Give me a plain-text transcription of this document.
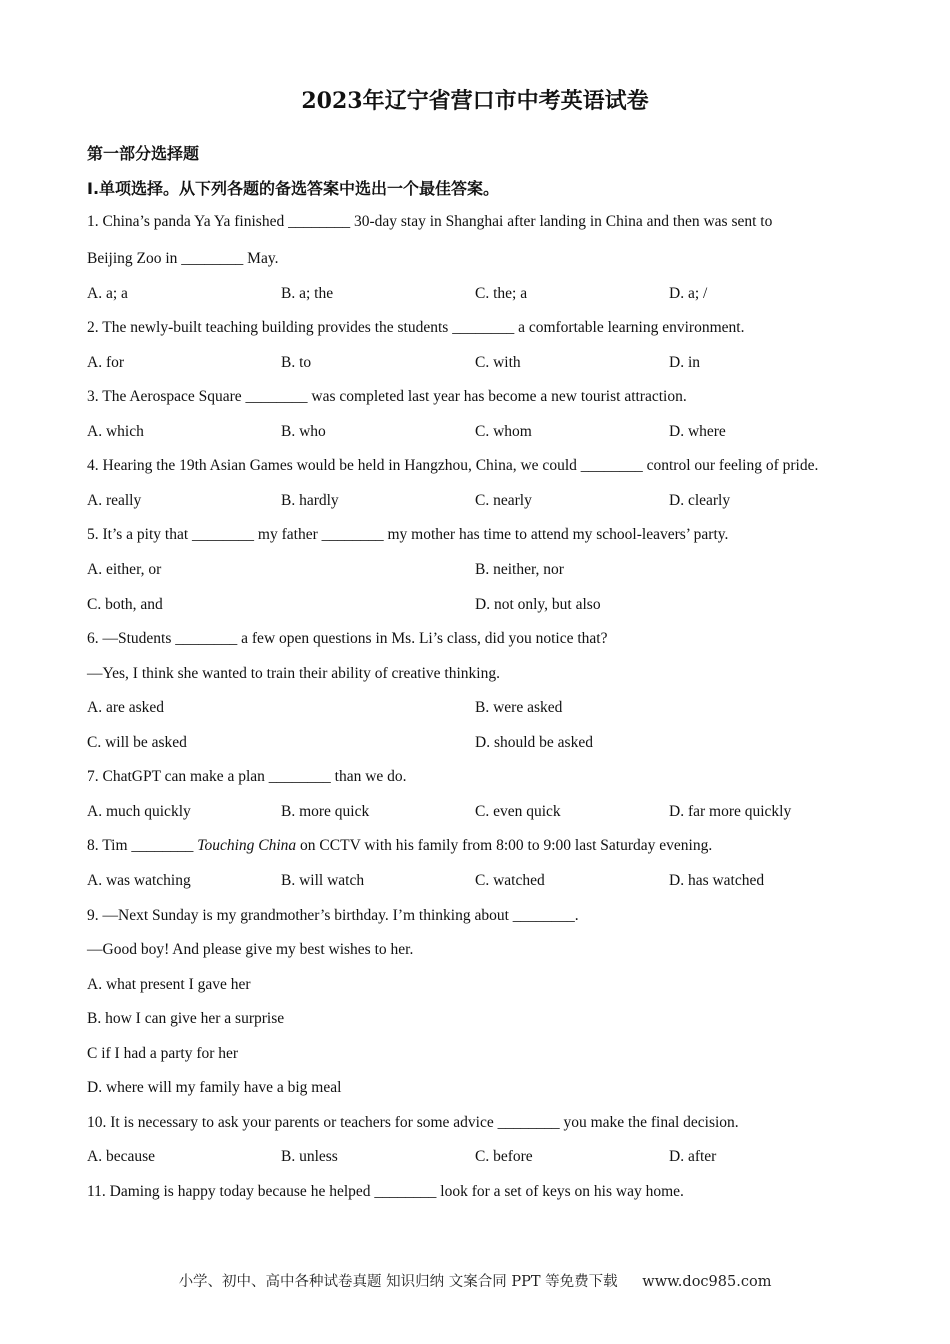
2023年辽宁省营口市中考英语试卷
第一部分选择题
Ⅰ.单项选择。从下列各题的备选答案中选出一个最佳答案。
1. China’s panda Ya Ya finished ________ 30-day stay in Shanghai after landing in China and then was sent to
Beijing Zoo in ________ May.
A. a; a	B. a; the	C. the; a	D. a; /
2. The newly-built teaching building provides the students ________ a comfortable learning environment.
A. for	B. to	C. with	D. in
3. The Aerospace Square ________ was completed last year has become a new tourist attraction.
A. which	B. who	C. whom	D. where
4. Hearing the 19th Asian Games would be held in Hangzhou, China, we could ________ control our feeling of pride.
A. really	B. hardly	C. nearly	D. clearly
5. It’s a pity that ________ my father ________ my mother has time to attend my school-leavers’ party.
A. either, or	B. neither, nor
C. both, and	D. not only, but also
6. —Students ________ a few open questions in Ms. Li’s class, did you notice that?
—Yes, I think she wanted to train their ability of creative thinking.
A. are asked	B. were asked
C. will be asked	D. should be asked
7. ChatGPT can make a plan ________ than we do.
A. much quickly	B. more quick	C. even quick	D. far more quickly
8. Tim ________ Touching China on CCTV with his family from 8:00 to 9:00 last Saturday evening.
A. was watching	B. will watch	C. watched	D. has watched
9. —Next Sunday is my grandmother’s birthday. I’m thinking about ________.
—Good boy! And please give my best wishes to her.
A. what present I gave her
B. how I can give her a surprise
C if I had a party for her
D. where will my family have a big meal
10. It is necessary to ask your parents or teachers for some advice ________ you make the final decision.
A. because	B. unless	C. before	D. after
11. Daming is happy today because he helped ________ look for a set of keys on his way home.
小学、初中、高中各种试卷真题 知识归纳 文案合同 PPT 等免费下载 www.doc985.com
